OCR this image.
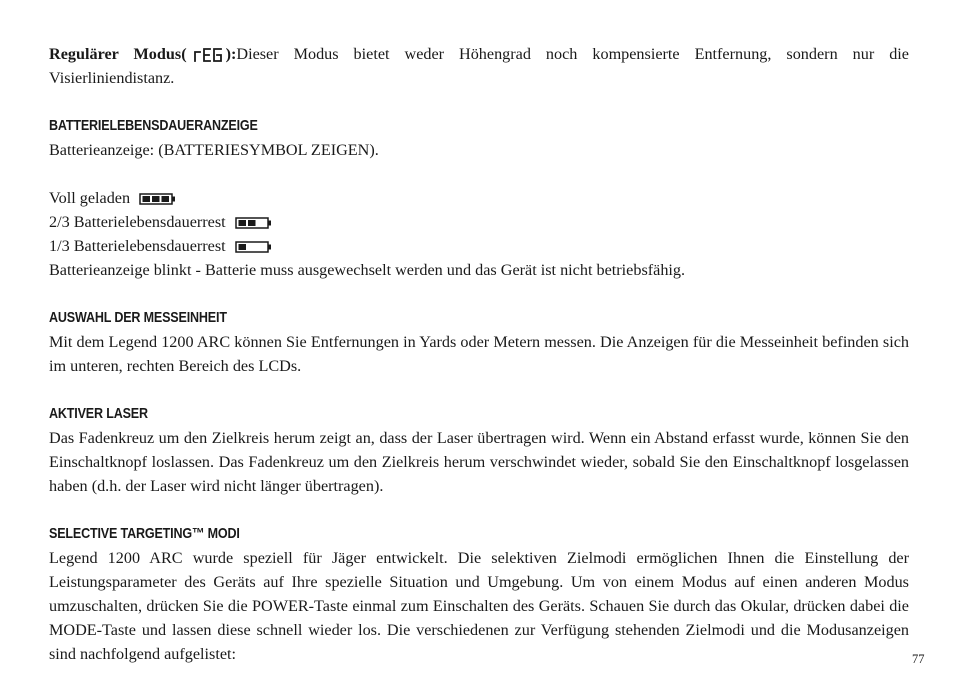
Regulärer Modus( ):Dieser Modus bietet weder Höhengrad noch kompensierte Entfernung, sondern nur die Visierliniendistanz.

BATTERIELEBENSDAUERANZEIGE

Batterieanzeige: (BATTERIESYMBOL ZEIGEN).

Voll geladen
2/3 Batterielebensdauerrest
1/3 Batterielebensdauerrest

Batterieanzeige blinkt - Batterie muss ausgewechselt werden und das Gerät ist nicht betriebsfähig.

AUSWAHL DER MESSEINHEIT

Mit dem Legend 1200 ARC können Sie Entfernungen in Yards oder Metern messen. Die Anzeigen für die Messeinheit befinden sich im unteren, rechten Bereich des LCDs.

AKTIVER LASER

Das Fadenkreuz um den Zielkreis herum zeigt an, dass der Laser übertragen wird. Wenn ein Abstand erfasst wurde, können Sie den Einschaltknopf loslassen. Das Fadenkreuz um den Zielkreis herum verschwindet wieder, sobald Sie den Einschaltknopf losgelassen haben (d.h. der Laser wird nicht länger übertragen).

SELECTIVE TARGETING™ MODI

Legend 1200 ARC wurde speziell für Jäger entwickelt. Die selektiven Zielmodi ermöglichen Ihnen die Einstellung der Leistungsparameter des Geräts auf Ihre spezielle Situation und Umgebung. Um von einem Modus auf einen anderen Modus umzuschalten, drücken Sie die POWER-Taste einmal zum Einschalten des Geräts. Schauen Sie durch das Okular, drücken dabei die MODE-Taste und lassen diese schnell wieder los. Die verschiedenen zur Verfügung stehenden Zielmodi und die Modusanzeigen sind nachfolgend aufgelistet:	77
